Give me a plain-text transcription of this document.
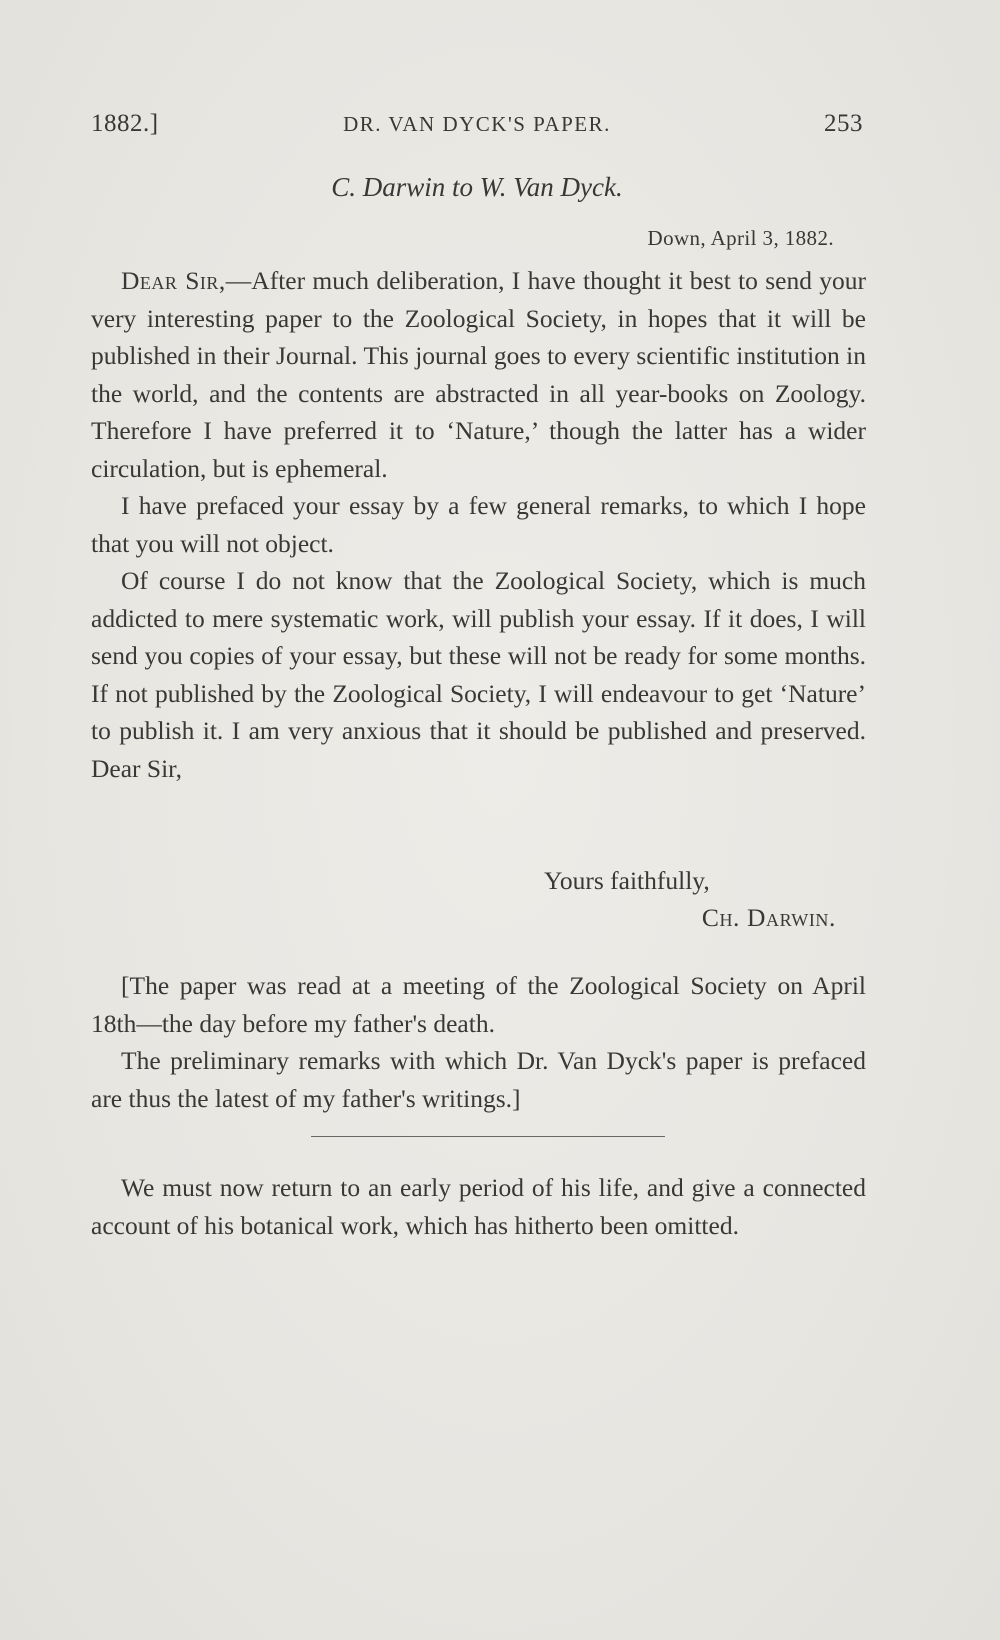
1882.]	DR. VAN DYCK'S PAPER.	253
C. Darwin to W. Van Dyck.
Down, April 3, 1882.

Dear Sir,—After much deliberation, I have thought it best to send your very interesting paper to the Zoological Society, in hopes that it will be published in their Journal. This journal goes to every scientific institution in the world, and the contents are abstracted in all year-books on Zoology. Therefore I have preferred it to ‘Nature,’ though the latter has a wider circulation, but is ephemeral.

I have prefaced your essay by a few general remarks, to which I hope that you will not object.

Of course I do not know that the Zoological Society, which is much addicted to mere systematic work, will publish your essay. If it does, I will send you copies of your essay, but these will not be ready for some months. If not published by the Zoological Society, I will endeavour to get ‘Nature’ to publish it. I am very anxious that it should be published and preserved. Dear Sir,

Yours faithfully,
Ch. Darwin.

[The paper was read at a meeting of the Zoological Society on April 18th—the day before my father's death.

The preliminary remarks with which Dr. Van Dyck's paper is prefaced are thus the latest of my father's writings.]

We must now return to an early period of his life, and give a connected account of his botanical work, which has hitherto been omitted.
